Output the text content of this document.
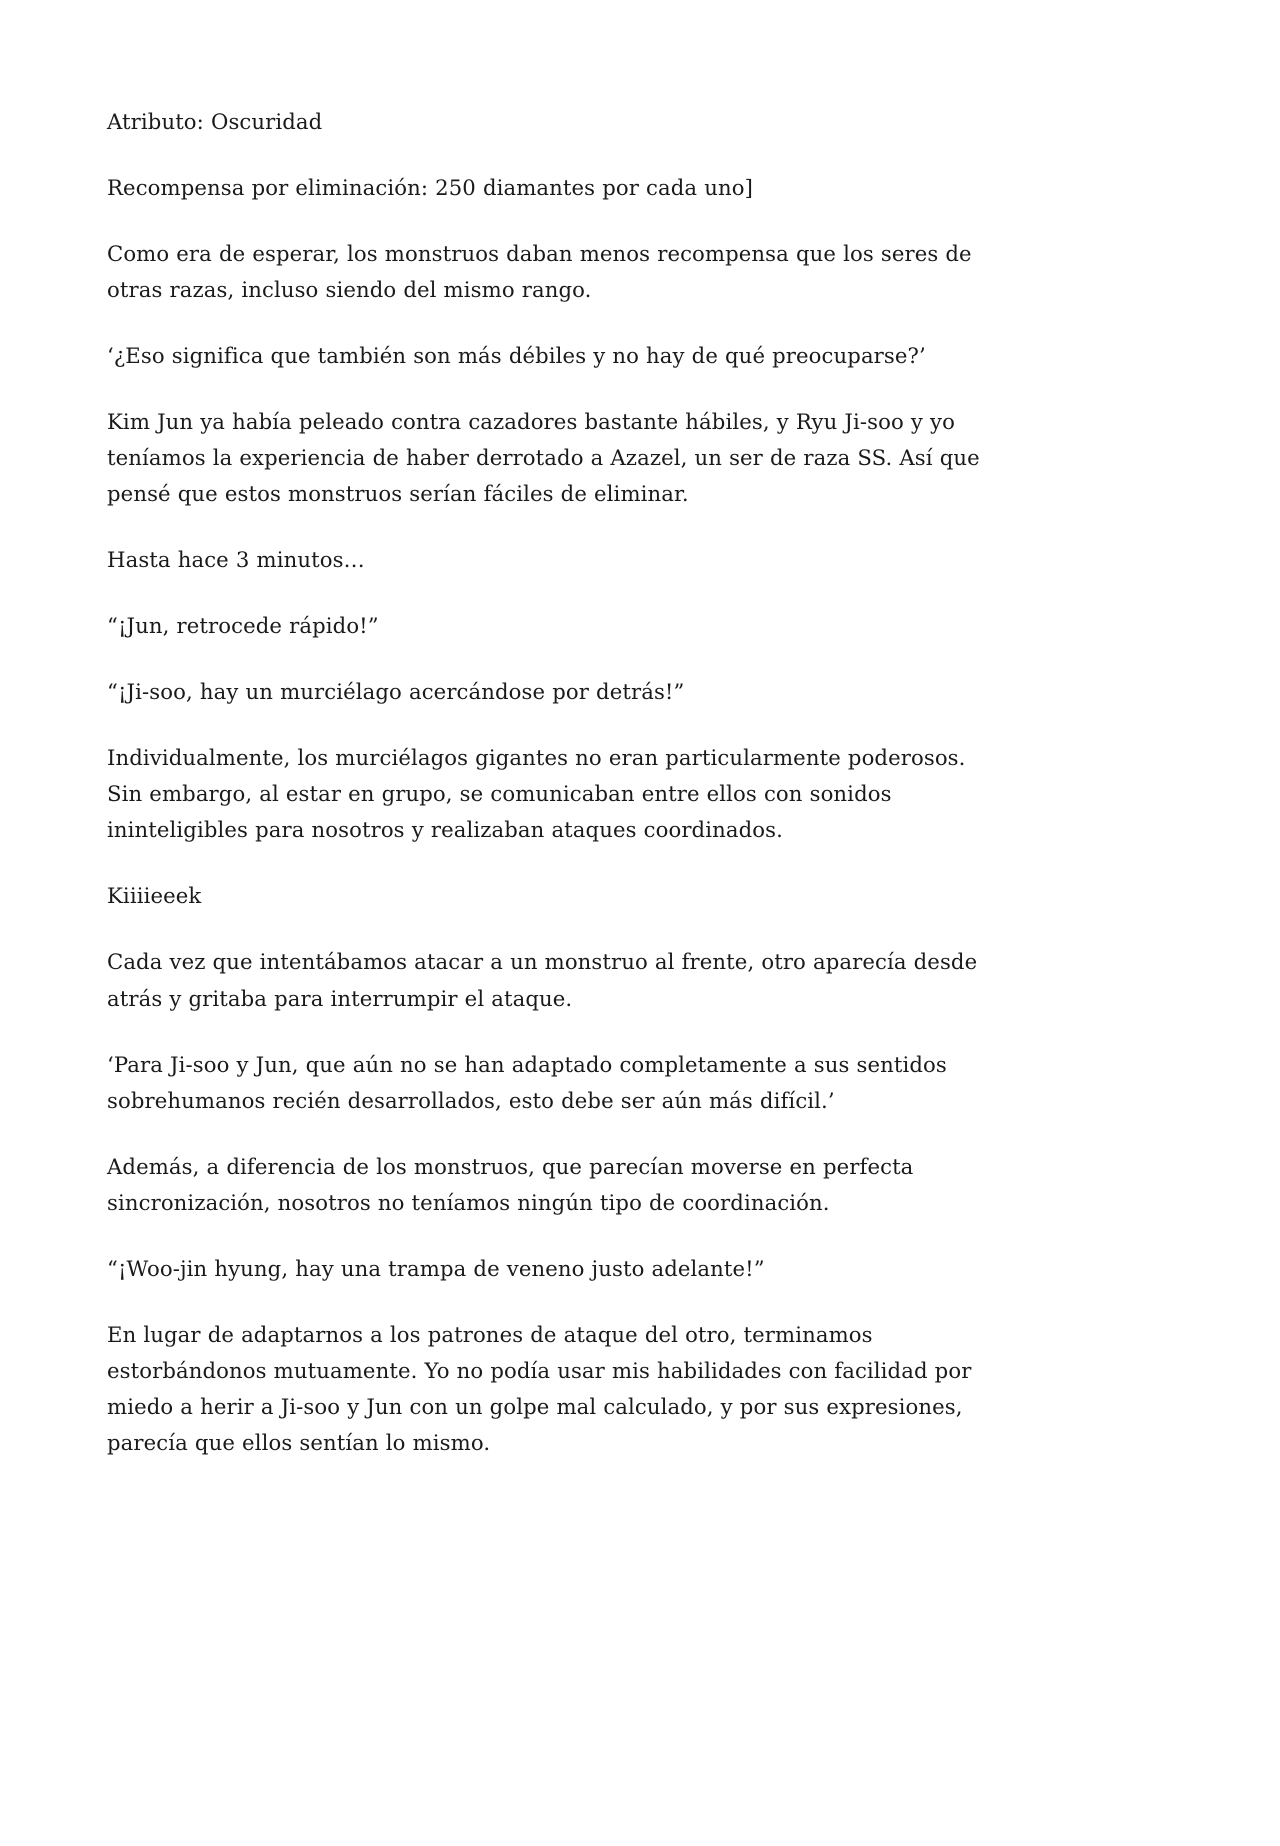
Atributo: Oscuridad

Recompensa por eliminación: 250 diamantes por cada uno]

Como era de esperar, los monstruos daban menos recompensa que los seres de otras razas, incluso siendo del mismo rango.

‘¿Eso significa que también son más débiles y no hay de qué preocuparse?’

Kim Jun ya había peleado contra cazadores bastante hábiles, y Ryu Ji-soo y yo teníamos la experiencia de haber derrotado a Azazel, un ser de raza SS. Así que pensé que estos monstruos serían fáciles de eliminar.

Hasta hace 3 minutos…

“¡Jun, retrocede rápido!”

“¡Ji-soo, hay un murciélago acercándose por detrás!”

Individualmente, los murciélagos gigantes no eran particularmente poderosos. Sin embargo, al estar en grupo, se comunicaban entre ellos con sonidos ininteligibles para nosotros y realizaban ataques coordinados.

Kiiiieeek

Cada vez que intentábamos atacar a un monstruo al frente, otro aparecía desde atrás y gritaba para interrumpir el ataque.

‘Para Ji-soo y Jun, que aún no se han adaptado completamente a sus sentidos sobrehumanos recién desarrollados, esto debe ser aún más difícil.’

Además, a diferencia de los monstruos, que parecían moverse en perfecta sincronización, nosotros no teníamos ningún tipo de coordinación.

“¡Woo-jin hyung, hay una trampa de veneno justo adelante!”

En lugar de adaptarnos a los patrones de ataque del otro, terminamos estorbándonos mutuamente. Yo no podía usar mis habilidades con facilidad por miedo a herir a Ji-soo y Jun con un golpe mal calculado, y por sus expresiones, parecía que ellos sentían lo mismo.
